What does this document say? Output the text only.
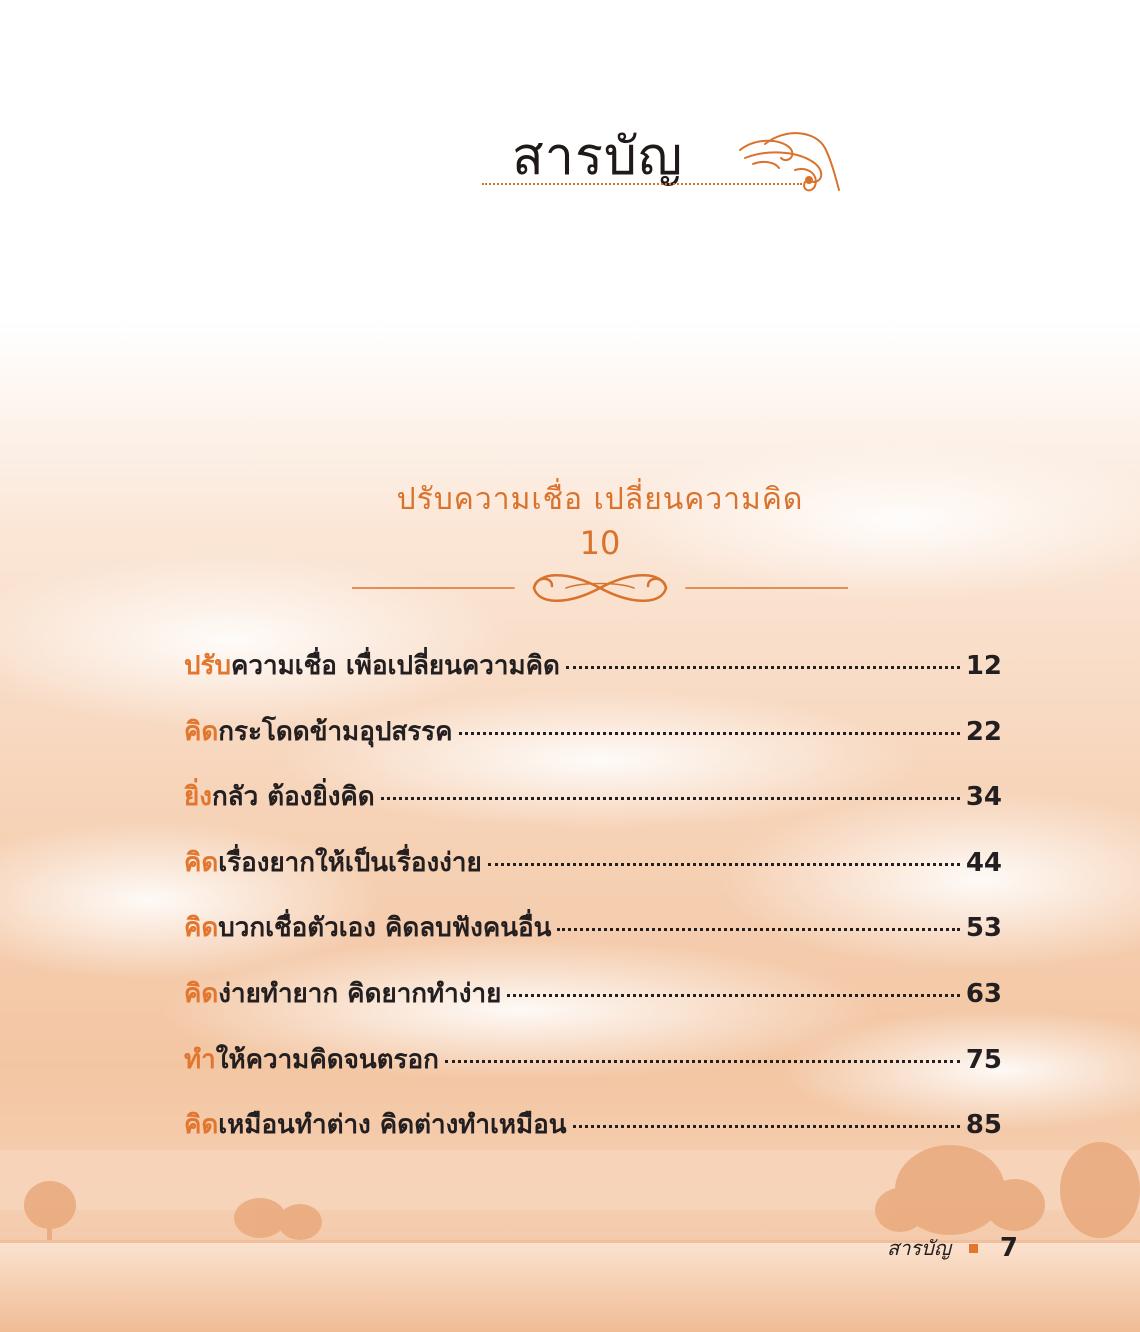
สารบัญ
ปรับความเชื่อ เปลี่ยนความคิด
10
ปรับ ความเชื่อ เพื่อเปลี่ยนความคิด	12
คิด กระโดดข้ามอุปสรรค	22
ยิ่ง กลัว ต้องยิ่งคิด	34
คิด เรื่องยากให้เป็นเรื่องง่าย	44
คิด บวกเชื่อตัวเอง คิดลบฟังคนอื่น	53
คิด ง่ายทำยาก คิดยากทำง่าย	63
ทำ ให้ความคิดจนตรอก	75
คิด เหมือนทำต่าง คิดต่างทำเหมือน	85
สารบัญ 7
